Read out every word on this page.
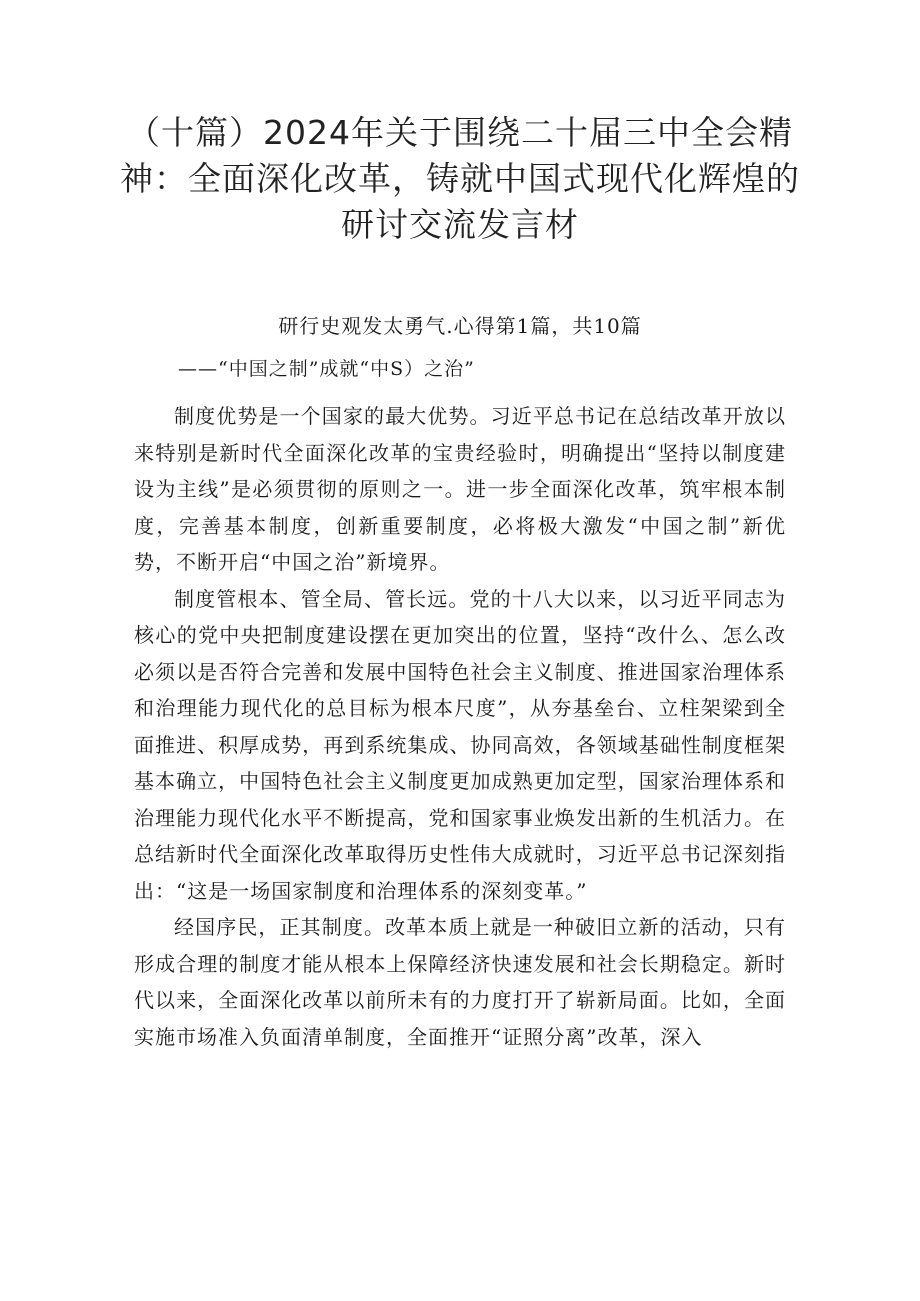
（十篇）2024年关于围绕二十届三中全会精神：全面深化改革，铸就中国式现代化辉煌的研讨交流发言材
研行史观发太勇气.心得第1篇，共10篇
——“中国之制”成就“中S）之治”

制度优势是一个国家的最大优势。习近平总书记在总结改革开放以来特别是新时代全面深化改革的宝贵经验时，明确提出“坚持以制度建设为主线”是必须贯彻的原则之一。进一步全面深化改革，筑牢根本制度，完善基本制度，创新重要制度，必将极大激发“中国之制”新优势，不断开启“中国之治”新境界。

制度管根本、管全局、管长远。党的十八大以来，以习近平同志为核心的党中央把制度建设摆在更加突出的位置，坚持“改什么、怎么改必须以是否符合完善和发展中国特色社会主义制度、推进国家治理体系和治理能力现代化的总目标为根本尺度”，从夯基垒台、立柱架梁到全面推进、积厚成势，再到系统集成、协同高效，各领域基础性制度框架基本确立，中国特色社会主义制度更加成熟更加定型，国家治理体系和治理能力现代化水平不断提高，党和国家事业焕发出新的生机活力。在总结新时代全面深化改革取得历史性伟大成就时，习近平总书记深刻指出：“这是一场国家制度和治理体系的深刻变革。”

经国序民，正其制度。改革本质上就是一种破旧立新的活动，只有形成合理的制度才能从根本上保障经济快速发展和社会长期稳定。新时代以来，全面深化改革以前所未有的力度打开了崭新局面。比如，全面实施市场准入负面清单制度，全面推开“证照分离”改革，深入
